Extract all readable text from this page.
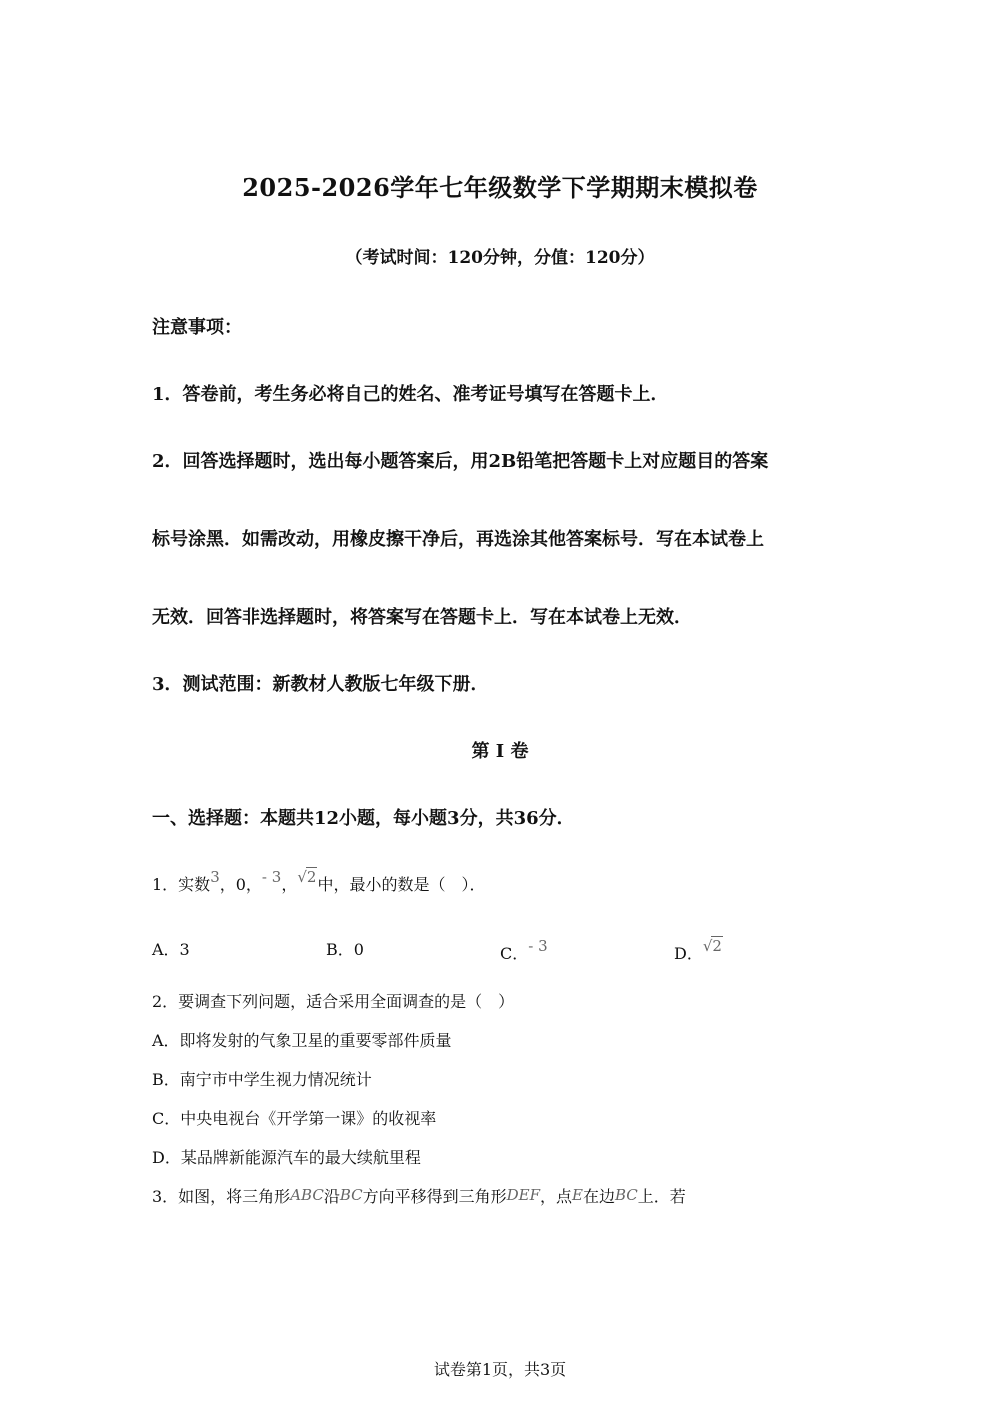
2025-2026学年七年级数学下学期期末模拟卷
（考试时间：120分钟，分值：120分）
注意事项：
1．答卷前，考生务必将自己的姓名、准考证号填写在答题卡上．
2．回答选择题时，选出每小题答案后，用2B铅笔把答题卡上对应题目的答案
标号涂黑．如需改动，用橡皮擦干净后，再选涂其他答案标号．写在本试卷上
无效．回答非选择题时，将答案写在答题卡上．写在本试卷上无效．
3．测试范围：新教材人教版七年级下册．
第 I 卷
一、选择题：本题共12小题，每小题3分，共36分．
1．实数3，0，- 3，√2中，最小的数是（　）．
A．3	B．0	C．- 3	D．√2
2．要调查下列问题，适合采用全面调查的是（　）
A．即将发射的气象卫星的重要零部件质量
B．南宁市中学生视力情况统计
C．中央电视台《开学第一课》的收视率
D．某品牌新能源汽车的最大续航里程
3．如图，将三角形ABC沿BC方向平移得到三角形DEF，点E在边BC上．若
试卷第1页，共3页
